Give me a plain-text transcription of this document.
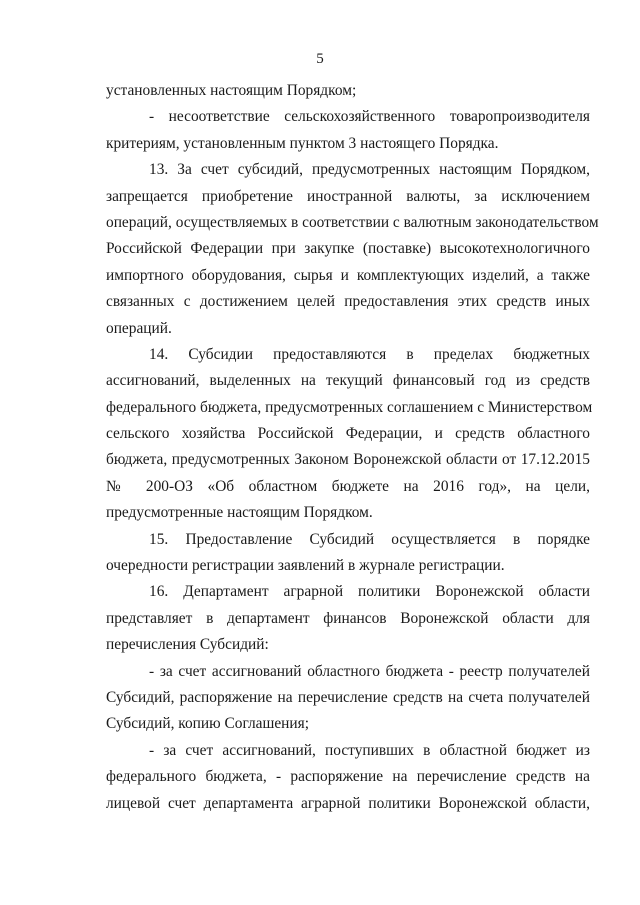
5
установленных настоящим Порядком;
- несоответствие сельскохозяйственного товаропроизводителя
критериям, установленным пунктом 3 настоящего Порядка.
13. За счет субсидий, предусмотренных настоящим Порядком,
запрещается приобретение иностранной валюты, за исключением
операций, осуществляемых в соответствии с валютным законодательством
Российской Федерации при закупке (поставке) высокотехнологичного
импортного оборудования, сырья и комплектующих изделий, а также
связанных с достижением целей предоставления этих средств иных
операций.
14. Субсидии предоставляются в пределах бюджетных
ассигнований, выделенных на текущий финансовый год из средств
федерального бюджета, предусмотренных соглашением с Министерством
сельского хозяйства Российской Федерации, и средств областного
бюджета, предусмотренных Законом Воронежской области от 17.12.2015
№ 200-ОЗ «Об областном бюджете на 2016 год», на цели,
предусмотренные настоящим Порядком.
15. Предоставление Субсидий осуществляется в порядке
очередности регистрации заявлений в журнале регистрации.
16. Департамент аграрной политики Воронежской области
представляет в департамент финансов Воронежской области для
перечисления Субсидий:
- за счет ассигнований областного бюджета - реестр получателей
Субсидий, распоряжение на перечисление средств на счета получателей
Субсидий, копию Соглашения;
- за счет ассигнований, поступивших в областной бюджет из
федерального бюджета, - распоряжение на перечисление средств на
лицевой счет департамента аграрной политики Воронежской области,
